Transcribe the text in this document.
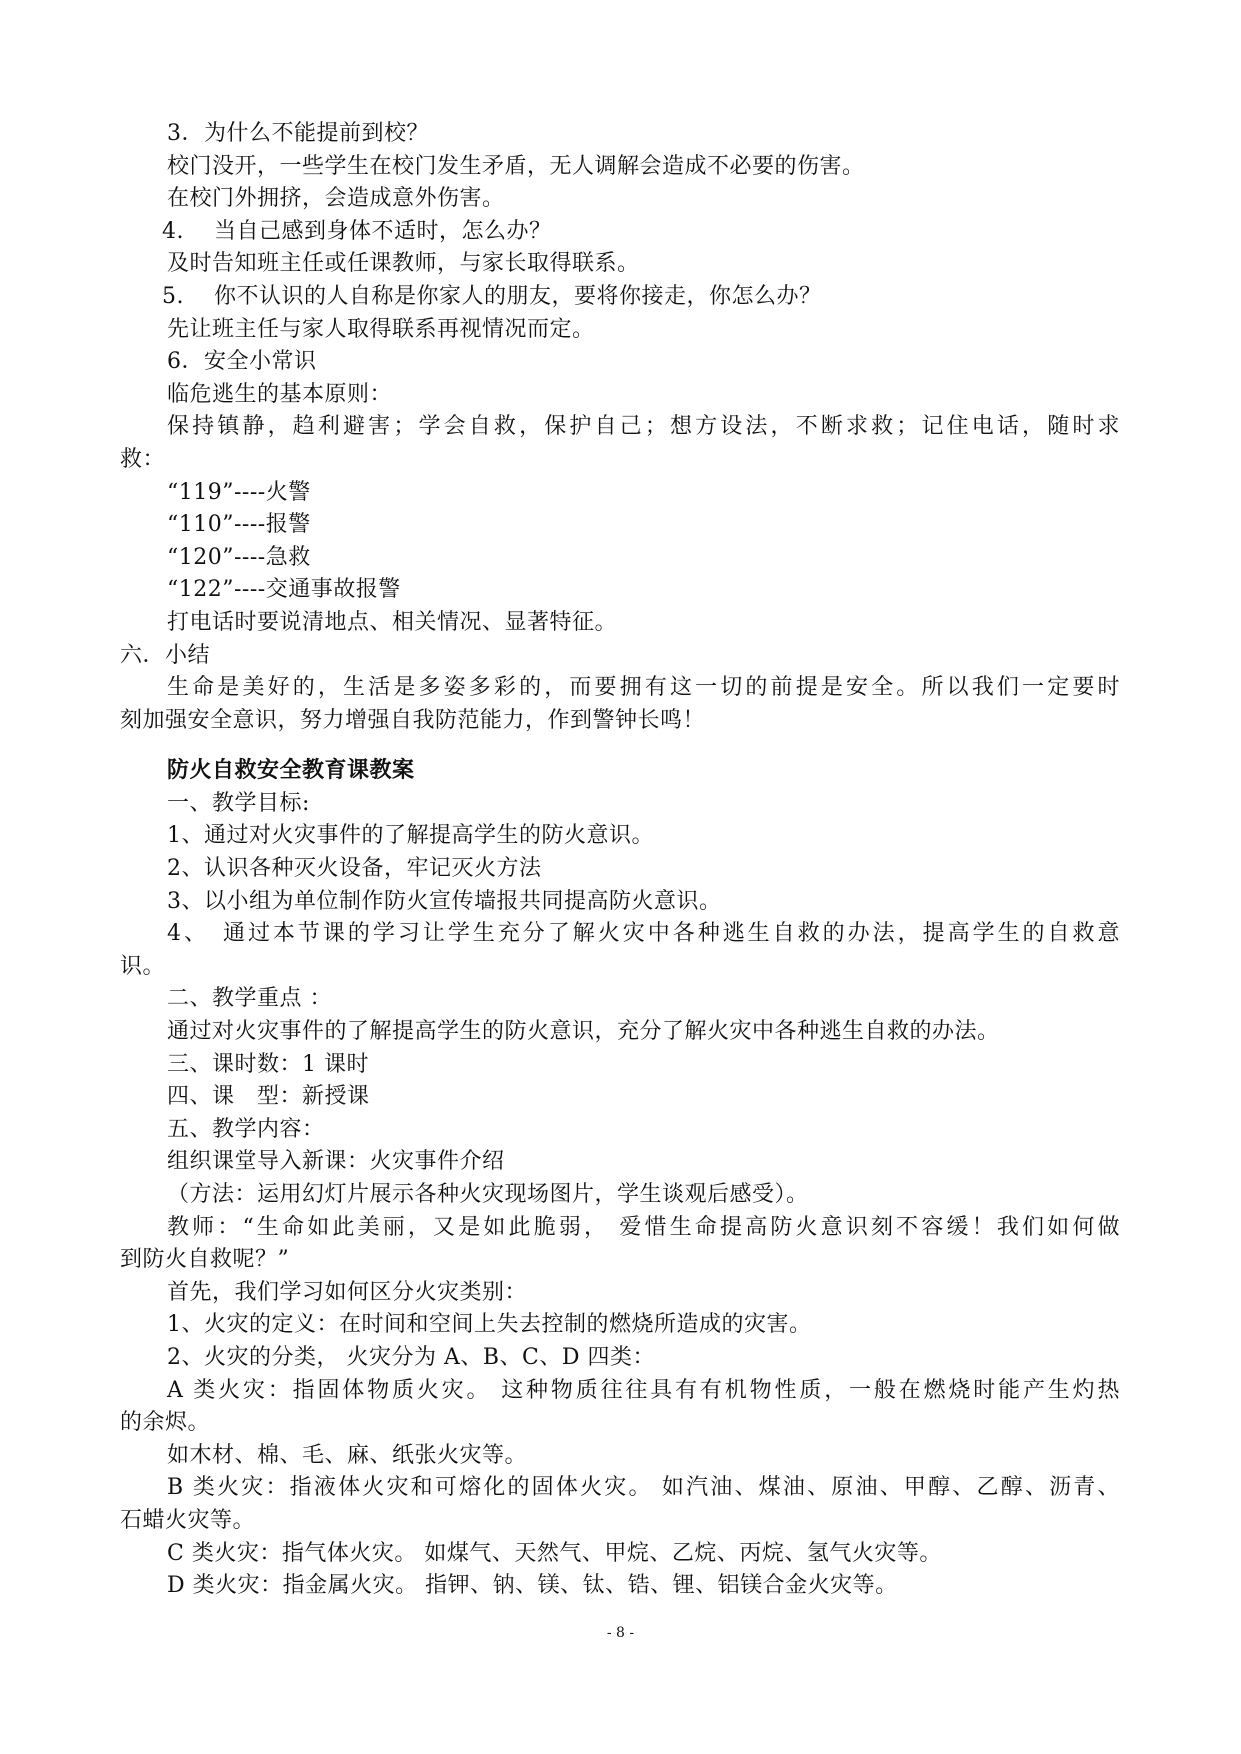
3．为什么不能提前到校？
校门没开，一些学生在校门发生矛盾，无人调解会造成不必要的伤害。
在校门外拥挤，会造成意外伤害。
4.　 当自己感到身体不适时，怎么办？
及时告知班主任或任课教师，与家长取得联系。
5.　 你不认识的人自称是你家人的朋友，要将你接走，你怎么办？
先让班主任与家人取得联系再视情况而定。
6．安全小常识
临危逃生的基本原则：
保持镇静，趋利避害；学会自救，保护自己；想方设法，不断求救；记住电话，随时求
救：
“119”----火警
“110”----报警
“120”----急救
“122”----交通事故报警
打电话时要说清地点、相关情况、显著特征。
六．小结
生命是美好的，生活是多姿多彩的，而要拥有这一切的前提是安全。所以我们一定要时
刻加强安全意识，努力增强自我防范能力，作到警钟长鸣！
防火自救安全教育课教案
一、教学目标:
1、通过对火灾事件的了解提高学生的防火意识。
2、认识各种灭火设备，牢记灭火方法
3、以小组为单位制作防火宣传墙报共同提高防火意识。
4、　通过本节课的学习让学生充分了解火灾中各种逃生自救的办法，提高学生的自救意
识。
二、教学重点 ：
通过对火灾事件的了解提高学生的防火意识，充分了解火灾中各种逃生自救的办法。
三、课时数：1 课时
四、课　型：新授课
五、教学内容：
组织课堂导入新课：火灾事件介绍
（方法：运用幻灯片展示各种火灾现场图片，学生谈观后感受）。
教师：“生命如此美丽，又是如此脆弱， 爱惜生命提高防火意识刻不容缓！我们如何做
到防火自救呢？”
首先，我们学习如何区分火灾类别：
1、火灾的定义：在时间和空间上失去控制的燃烧所造成的灾害。
2、火灾的分类， 火灾分为 A、B、C、D 四类：
A 类火灾：指固体物质火灾。 这种物质往往具有有机物性质，一般在燃烧时能产生灼热
的余烬。
如木材、棉、毛、麻、纸张火灾等。
B 类火灾：指液体火灾和可熔化的固体火灾。 如汽油、煤油、原油、甲醇、乙醇、沥青、
石蜡火灾等。
C 类火灾：指气体火灾。 如煤气、天然气、甲烷、乙烷、丙烷、氢气火灾等。
D 类火灾：指金属火灾。 指钾、钠、镁、钛、锆、锂、铝镁合金火灾等。
- 8 -
